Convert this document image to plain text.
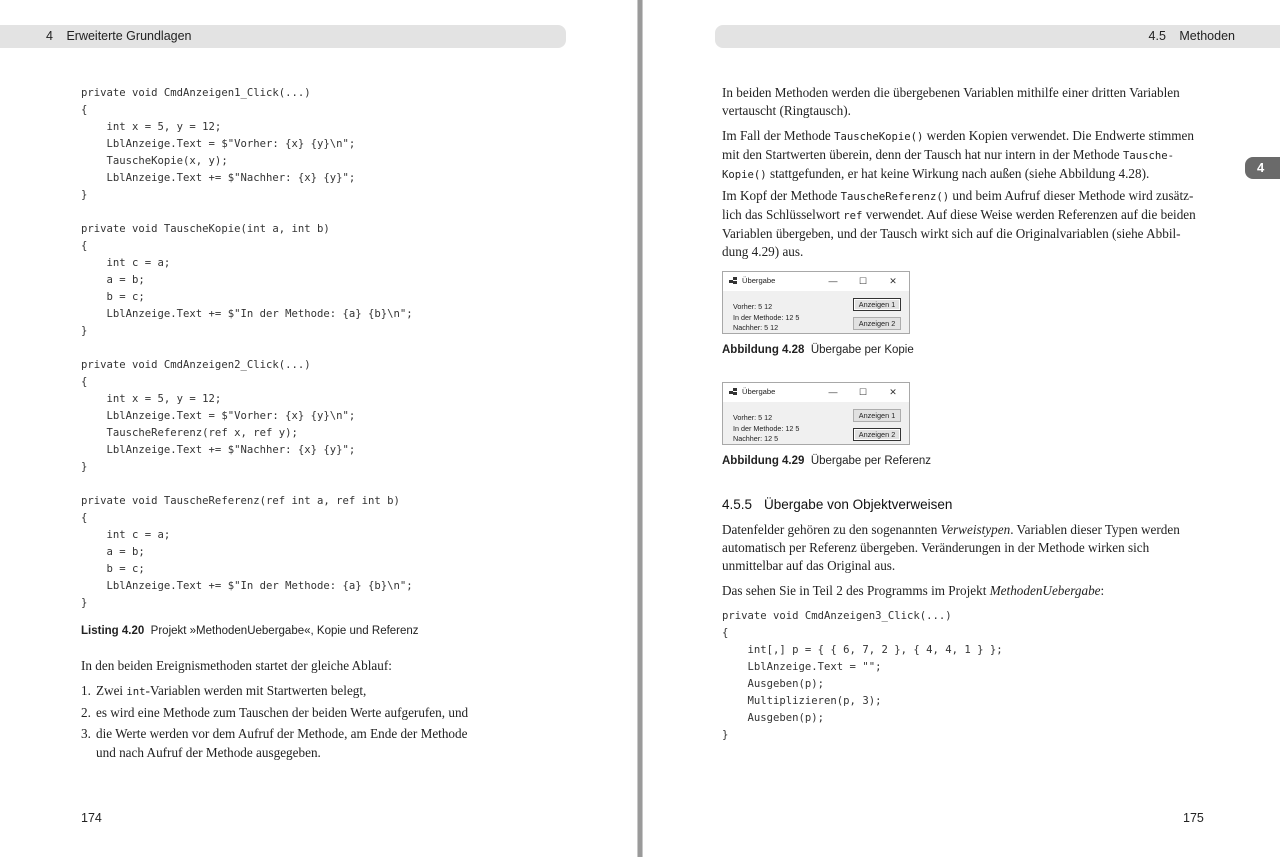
4 Erweiterte Grundlagen
private void CmdAnzeigen1_Click(...)
{
int x = 5, y = 12;
LblAnzeige.Text = $"Vorher: {x} {y}\n";
TauscheKopie(x, y);
LblAnzeige.Text += $"Nachher: {x} {y}";
}
private void TauscheKopie(int a, int b)
{
int c = a;
a = b;
b = c;
LblAnzeige.Text += $"In der Methode: {a} {b}\n";
}
private void CmdAnzeigen2_Click(...)
{
int x = 5, y = 12;
LblAnzeige.Text = $"Vorher: {x} {y}\n";
TauscheReferenz(ref x, ref y);
LblAnzeige.Text += $"Nachher: {x} {y}";
}
private void TauscheReferenz(ref int a, ref int b)
{
int c = a;
a = b;
b = c;
LblAnzeige.Text += $"In der Methode: {a} {b}\n";
}
Listing 4.20 Projekt »MethodenUebergabe«, Kopie und Referenz
In den beiden Ereignismethoden startet der gleiche Ablauf:
1. Zwei int-Variablen werden mit Startwerten belegt,
2. es wird eine Methode zum Tauschen der beiden Werte aufgerufen, und
3. die Werte werden vor dem Aufruf der Methode, am Ende der Methode
und nach Aufruf der Methode ausgegeben.
174
4.5 Methoden
4
In beiden Methoden werden die übergebenen Variablen mithilfe einer dritten Variablen
vertauscht (Ringtausch).
Im Fall der Methode TauscheKopie() werden Kopien verwendet. Die Endwerte stimmen
mit den Startwerten überein, denn der Tausch hat nur intern in der Methode Tausche-
Kopie() stattgefunden, er hat keine Wirkung nach außen (siehe Abbildung 4.28).
Im Kopf der Methode TauscheReferenz() und beim Aufruf dieser Methode wird zusätz-
lich das Schlüsselwort ref verwendet. Auf diese Weise werden Referenzen auf die beiden
Variablen übergeben, und der Tausch wirkt sich auf die Originalvariablen (siehe Abbil-
dung 4.29) aus.
Übergabe	—	☐	✕
Vorher: 5 12
In der Methode: 12 5
Nachher: 5 12
Anzeigen 1
Anzeigen 2
Abbildung 4.28 Übergabe per Kopie
Übergabe	—	☐	✕
Vorher: 5 12
In der Methode: 12 5
Nachher: 12 5
Anzeigen 1
Anzeigen 2
Abbildung 4.29 Übergabe per Referenz
4.5.5 Übergabe von Objektverweisen
Datenfelder gehören zu den sogenannten Verweistypen. Variablen dieser Typen werden
automatisch per Referenz übergeben. Veränderungen in der Methode wirken sich
unmittelbar auf das Original aus.
Das sehen Sie in Teil 2 des Programms im Projekt MethodenUebergabe:
private void CmdAnzeigen3_Click(...)
{
int[,] p = { { 6, 7, 2 }, { 4, 4, 1 } };
LblAnzeige.Text = "";
Ausgeben(p);
Multiplizieren(p, 3);
Ausgeben(p);
}
175
